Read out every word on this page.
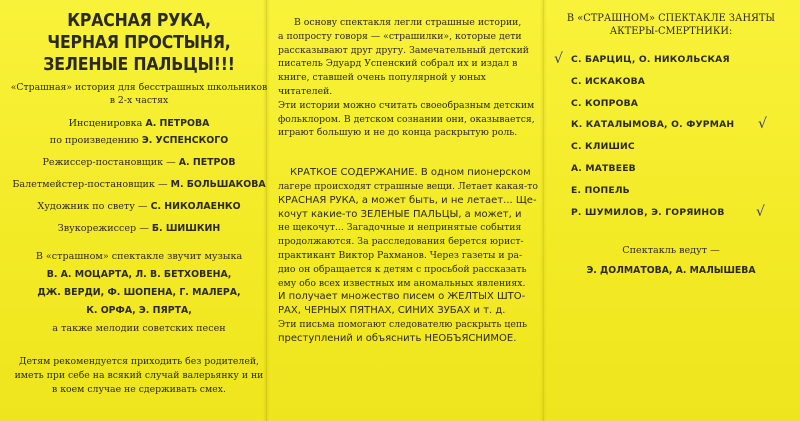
КРАСНАЯ РУКА,
ЧЕРНАЯ ПРОСТЫНЯ,
ЗЕЛЕНЫЕ ПАЛЬЦЫ!!!
«Страшная» история для бесстрашных школьников
в 2-х частях
Инсценировка А. ПЕТРОВА
по произведению Э. УСПЕНСКОГО
Режиссер-постановщик — А. ПЕТРОВ
Балетмейстер-постановщик — М. БОЛЬШАКОВА
Художник по свету — С. НИКОЛАЕНКО
Звукорежиссер — Б. ШИШКИН
В «страшном» спектакле звучит музыка
В. А. МОЦАРТА, Л. В. БЕТХОВЕНА,
ДЖ. ВЕРДИ, Ф. ШОПЕНА, Г. МАЛЕРА,
К. ОРФА, Э. ПЯРТА,
а также мелодии советских песен
Детям рекомендуется приходить без родителей,
иметь при себе на всякий случай валерьянку и ни
в коем случае не сдерживать смех.
В основу спектакля легли страшные истории,
а попросту говоря — «страшилки», которые дети
рассказывают друг другу. Замечательный детский
писатель Эдуард Успенский собрал их и издал в
книге, ставшей очень популярной у юных читателей.
Эти истории можно считать своеобразным детским
фольклором. В детском сознании они, оказывается,
играют большую и не до конца раскрытую роль.
КРАТКОЕ СОДЕРЖАНИЕ. В одном пионерском
лагере происходят страшные вещи. Летает какая-то
КРАСНАЯ РУКА, а может быть, и не летает... Ще-
кочут какие-то ЗЕЛЕНЫЕ ПАЛЬЦЫ, а может, и
не щекочут... Загадочные и непринятые события
продолжаются. За расследования берется юрист-
практикант Виктор Рахманов. Через газеты и ра-
дио он обращается к детям с просьбой рассказать
ему обо всех известных им аномальных явлениях.
И получает множество писем о ЖЕЛТЫХ ШТО-
РАХ, ЧЕРНЫХ ПЯТНАХ, СИНИХ ЗУБАХ и т. д.
Эти письма помогают следователю раскрыть цепь
преступлений и объяснить НЕОБЪЯСНИМОЕ.
В «СТРАШНОМ» СПЕКТАКЛЕ ЗАНЯТЫ
АКТЕРЫ-СМЕРТНИКИ:
√ С. БАРЦИЦ, О. НИКОЛЬСКАЯ
С. ИСКАКОВА
С. КОПРОВА
К. КАТАЛЫМОВА, О. ФУРМАН √
С. КЛИШИС
А. МАТВЕЕВ
Е. ПОПЕЛЬ
Р. ШУМИЛОВ, Э. ГОРЯИНОВ √
Спектакль ведут —
Э. ДОЛМАТОВА, А. МАЛЫШЕВА
